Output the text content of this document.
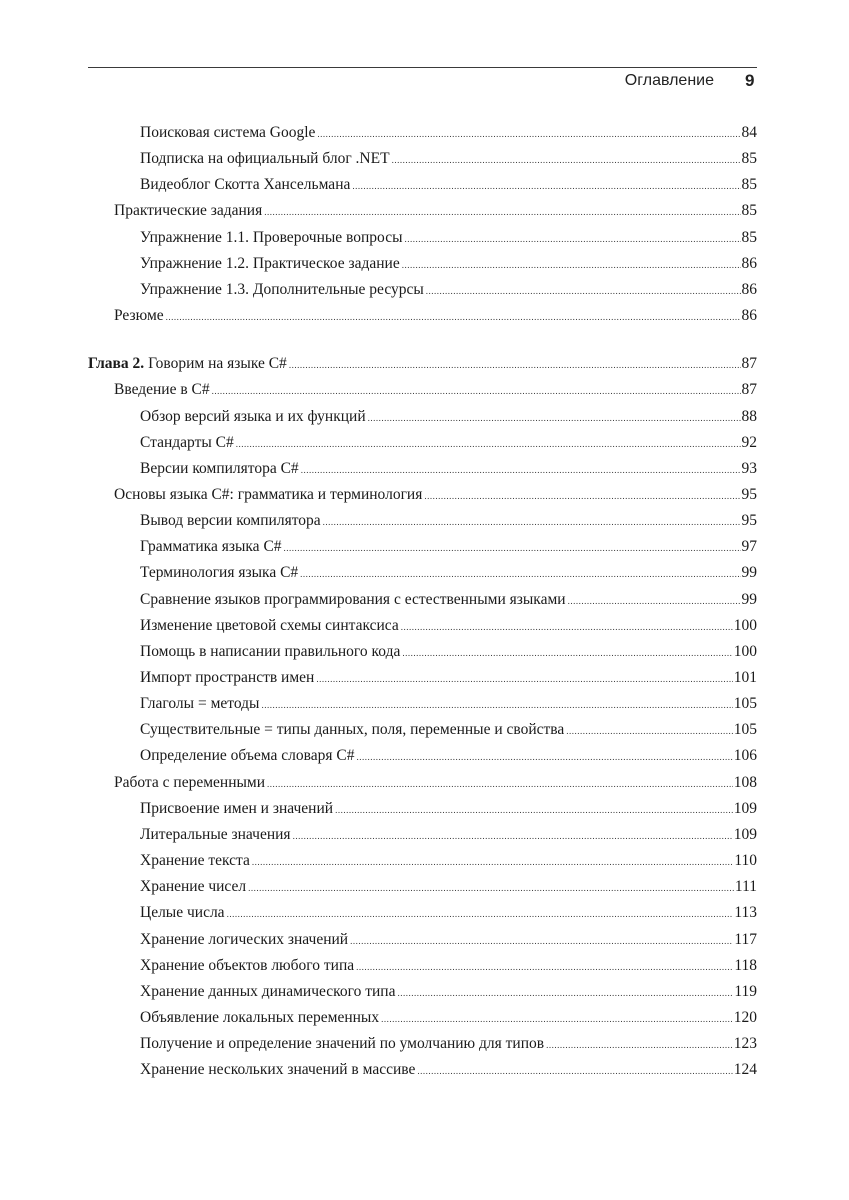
Оглавление 9
Поисковая система Google .....	84
Подписка на официальный блог .NET .....	85
Видеоблог Скотта Хансельмана .....	85
Практические задания .....	85
Упражнение 1.1. Проверочные вопросы .....	85
Упражнение 1.2. Практическое задание .....	86
Упражнение 1.3. Дополнительные ресурсы .....	86
Резюме .....	86
Глава 2. Говорим на языке C# .....	87
Введение в C# .....	87
Обзор версий языка и их функций .....	88
Стандарты C# .....	92
Версии компилятора C# .....	93
Основы языка C#: грамматика и терминология .....	95
Вывод версии компилятора .....	95
Грамматика языка C# .....	97
Терминология языка C# .....	99
Сравнение языков программирования с естественными языками .....	99
Изменение цветовой схемы синтаксиса .....	100
Помощь в написании правильного кода .....	100
Импорт пространств имен .....	101
Глаголы = методы .....	105
Существительные = типы данных, поля, переменные и свойства .....	105
Определение объема словаря C# .....	106
Работа с переменными .....	108
Присвоение имен и значений .....	109
Литеральные значения .....	109
Хранение текста .....	110
Хранение чисел .....	111
Целые числа .....	113
Хранение логических значений .....	117
Хранение объектов любого типа .....	118
Хранение данных динамического типа .....	119
Объявление локальных переменных .....	120
Получение и определение значений по умолчанию для типов .....	123
Хранение нескольких значений в массиве .....	124
